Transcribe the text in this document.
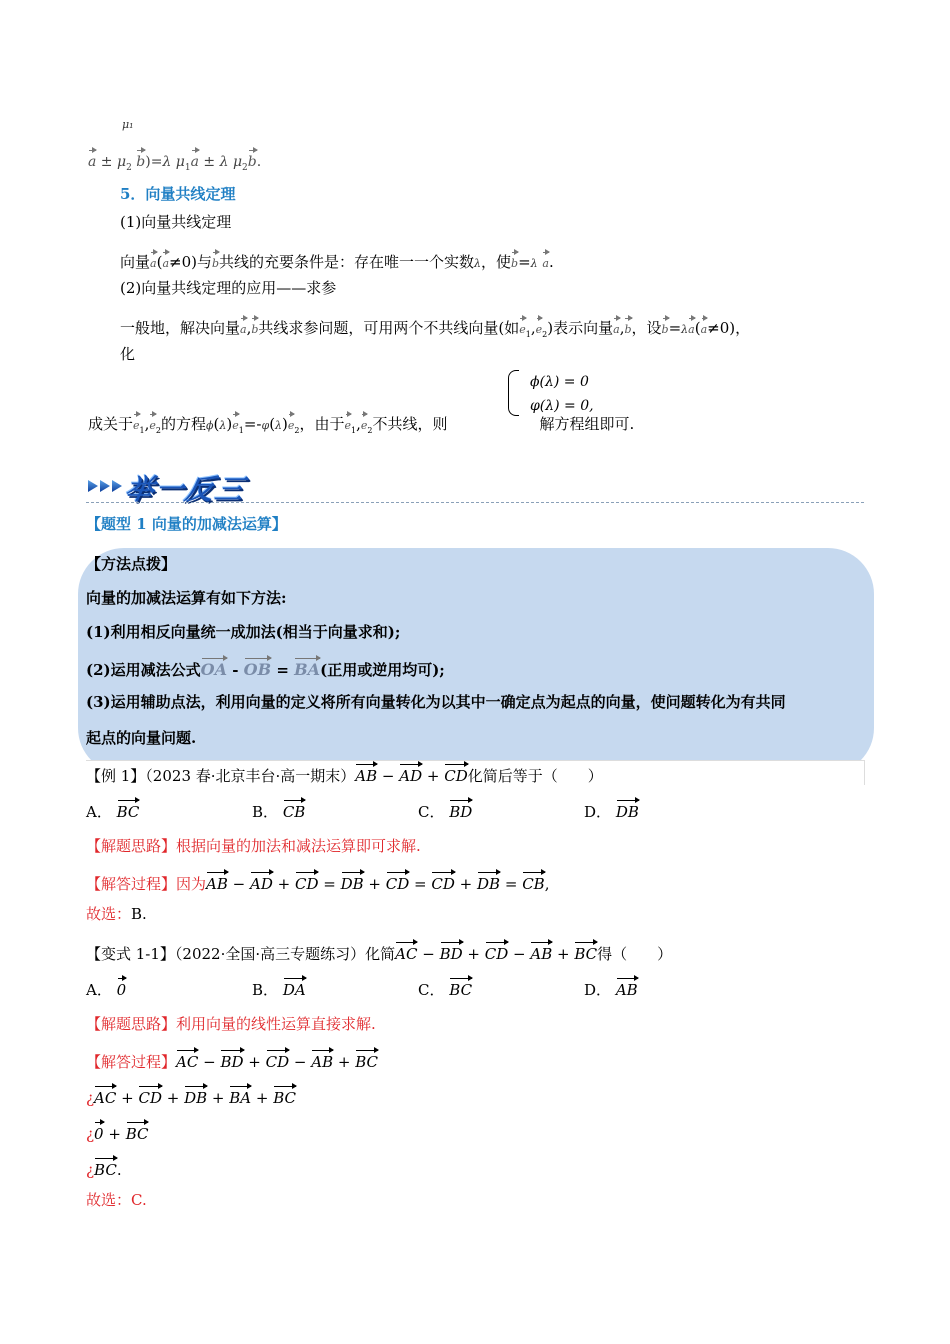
μ₁
$a \pm \mu_2$ b)=λ $\mu_1a \pm \lambda$ $\mu_2b$.
5．向量共线定理
(1)向量共线定理
向量a(a≠0)与b共线的充要条件是：存在唯一一个实数λ，使b=λ a.
(2)向量共线定理的应用——求参
一般地，解决向量a,b共线求参问题，可用两个不共线向量(如$e_1,e_2$)表示向量a,b，设b=λa(a≠0)，
化
ϕ(λ) = 0
φ(λ) = 0,
成关于$e_1,e_2$的方程$\phi(\lambda)e_1=-\varphi(\lambda)e_2$，由于$e_1,e_2$不共线，则	解方程组即可.
举一反三
【题型 1 向量的加减法运算】
【方法点拨】
向量的加减法运算有如下方法:
(1)利用相反向量统一成加法(相当于向量求和);
(2)运用减法公式OA - OB = BA(正用或逆用均可);
(3)运用辅助点法，利用向量的定义将所有向量转化为以其中一确定点为起点的向量，使问题转化为有共同
起点的向量问题.
【例 1】（2023 春·北京丰台·高一期末）AB − AD + CD化简后等于（　　）
A． BC	B． CB	C． BD	D． DB
【解题思路】根据向量的加法和减法运算即可求解.
【解答过程】因为AB − AD + CD = DB + CD = CD + DB = CB,
故选：B.
【变式 1-1】（2022·全国·高三专题练习）化简AC − BD + CD − AB + BC得（　　）
A． 0	B． DA	C． BC	D． AB
【解题思路】利用向量的线性运算直接求解.
【解答过程】AC − BD + CD − AB + BC
¿AC + CD + DB + BA + BC
¿0 + BC
¿BC.
故选：C.
